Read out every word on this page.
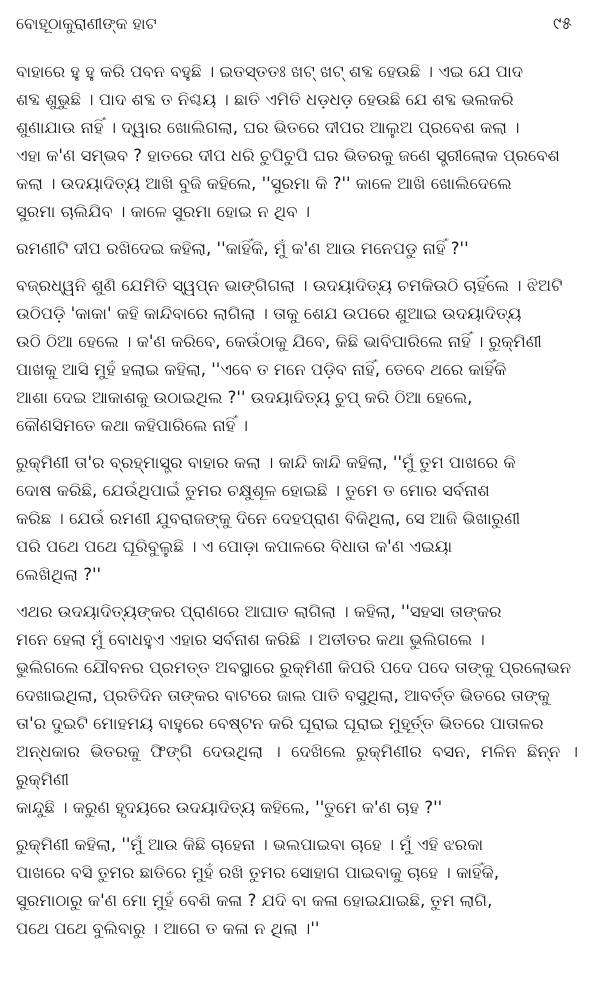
ବୋହୂଠାକୁରାଣୀଙ୍କ ହାଟ	୯୫

ବାହାରେ ହୁ ହୁ କରି ପବନ ବହୁଛି । ଇତସ୍ତତଃ ଖଟ୍ ଖଟ୍ ଶବ୍ଦ ହେଉଛି । ଏଇ ଯେ ପାଦ
ଶବ୍ଦ ଶୁଭୁଛି । ପାଦ ଶବ୍ଦ ତ ନିଶ୍ଚୟ । ଛାତି ଏମିତି ଧଡ଼ଧଡ଼ ହେଉଛି ଯେ ଶବ୍ଦ ଭଲକରି
ଶୁଣାଯାଉ ନାହିଁ । ଦ୍ୱାର ଖୋଲିଗଲା, ଘର ଭିତରେ ଦୀପର ଆଲୁଅ ପ୍ରବେଶ କଲା ।
ଏହା କ'ଣ ସମ୍ଭବ ? ହାତରେ ଦୀପ ଧରି ଚୁପିଚୁପି ଘର ଭିତରକୁ ଜଣେ ସ୍ତ୍ରୀଲୋକ ପ୍ରବେଶ
କଲା । ଉଦୟାଦିତ୍ୟ ଆଖି ବୁଜି କହିଲେ, ''ସୁରମା କି ?'' କାଳେ ଆଖି ଖୋଲିଦେଲେ
ସୁରମା ଚାଲିଯିବ । କାଳେ ସୁରମା ହୋଇ ନ ଥିବ ।

ରମଣୀଟି ଦୀପ ରଖିଦେଇ କହିଲା, ''କାହିଁକି, ମୁଁ କ'ଣ ଆଉ ମନେପଡୁ ନାହିଁ ?''

ବଜ୍ରଧ୍ୱନି ଶୁଣି ଯେମିତି ସ୍ୱପ୍ନ ଭାଙ୍ଗିଗଲା । ଉଦୟାଦିତ୍ୟ ଚମକିଉଠି ଚାହିଁଲେ । ଝିଅଟି
ଉଠିପଡ଼ି 'କାକା' କହି କାନ୍ଦିବାରେ ଲାଗିଲା । ତାକୁ ଶେଯ ଉପରେ ଶୁଆଇ ଉଦୟାଦିତ୍ୟ
ଉଠି ଠିଆ ହେଲେ । କ'ଣ କରିବେ, କେଉଁଠାକୁ ଯିବେ, କିଛି ଭାବିପାରିଲେ ନାହିଁ । ରୁକ୍ମିଣୀ
ପାଖକୁ ଆସି ମୁହଁ ହଲାଇ କହିଲା, ''ଏବେ ତ ମନେ ପଡ଼ିବ ନାହିଁ, ତେବେ ଥରେ କାହିଁକି
ଆଶା ଦେଇ ଆକାଶକୁ ଉଠାଇଥିଲ ?'' ଉଦୟାଦିତ୍ୟ ଚୁପ୍ କରି ଠିଆ ହେଲେ,
କୌଣସିମତେ କଥା କହିପାରିଲେ ନାହିଁ ।

ରୁକ୍ମିଣୀ ତା'ର ବ୍ରହ୍ମାସ୍ତ୍ର ବାହାର କଲା । କାନ୍ଦି କାନ୍ଦି କହିଲା, ''ମୁଁ ତୁମ ପାଖରେ କି
ଦୋଷ କରିଛି, ଯେଉଁଥିପାଇଁ ତୁମର ଚକ୍ଷୁଶୂଳ ହୋଇଛି । ତୁମେ ତ ମୋର ସର୍ବନାଶ
କରିଛ । ଯେଉଁ ରମଣୀ ଯୁବରାଜଙ୍କୁ ଦିନେ ଦେହପ୍ରାଣ ବିକିଥିଲା, ସେ ଆଜି ଭିଖାରୁଣୀ
ପରି ପଥେ ପଥେ ଘୂରିବୁଲୁଛି । ଏ ପୋଡ଼ା କପାଳରେ ବିଧାତା କ'ଣ ଏଇୟା
ଲେଖିଥିଲା ?''

ଏଥର ଉଦୟାଦିତ୍ୟଙ୍କର ପ୍ରାଣରେ ଆଘାତ ଲାଗିଲା । କହିଲା, ''ସହସା ତାଙ୍କର
ମନେ ହେଲା ମୁଁ ବୋଧହୁଏ ଏହାର ସର୍ବନାଶ କରିଛି । ଅତୀତର କଥା ଭୁଲିଗଲେ ।
ଭୁଲିଗଲେ ଯୌବନର ପ୍ରମତ୍ତ ଅବସ୍ଥାରେ ରୁକ୍ମିଣୀ କିପରି ପଦେ ପଦେ ତାଙ୍କୁ ପ୍ରଲୋଭନ
ଦେଖାଇଥିଲା, ପ୍ରତିଦିନ ତାଙ୍କର ବାଟରେ ଜାଲ ପାତି ବସୁଥିଲା, ଆବର୍ତ୍ତ ଭିତରେ ତାଙ୍କୁ
ତା'ର ଦୁଇଟି ମୋହମୟ ବାହୁରେ ବେଷ୍ଟନ କରି ଘୂରାଇ ଘୂରାଇ ମୁହୂର୍ତ୍ତ ଭିତରେ ପାତାଳର
ଅନ୍ଧକାର ଭିତରକୁ ଫିଙ୍ଗି ଦେଉଥିଲା । ଦେଖିଲେ ରୁକ୍ମିଣୀର ବସନ, ମଳିନ ଛିନ୍ନ । ରୁକ୍ମିଣୀ
କାନ୍ଦୁଛି । କରୁଣ ହୃଦୟରେ ଉଦୟାଦିତ୍ୟ କହିଲେ, ''ତୁମେ କ'ଣ ଚାହ ?''

ରୁକ୍ମିଣୀ କହିଲା, ''ମୁଁ ଆଉ କିଛି ଚାହେନା । ଭଲପାଇବା ଚାହେ । ମୁଁ ଏହି ଝରକା
ପାଖରେ ବସି ତୁମର ଛାତିରେ ମୁହଁ ରଖି ତୁମର ସୋହାଗ ପାଇବାକୁ ଚାହେ । କାହିଁକି,
ସୁରମାଠାରୁ କ'ଣ ମୋ ମୁହଁ ବେଶି କଳା ? ଯଦି ବା କଳା ହୋଇଯାଇଛି, ତୁମ ଲାଗି,
ପଥେ ପଥେ ବୁଲିବାରୁ । ଆଗେ ତ କଳା ନ ଥିଲା ।''
